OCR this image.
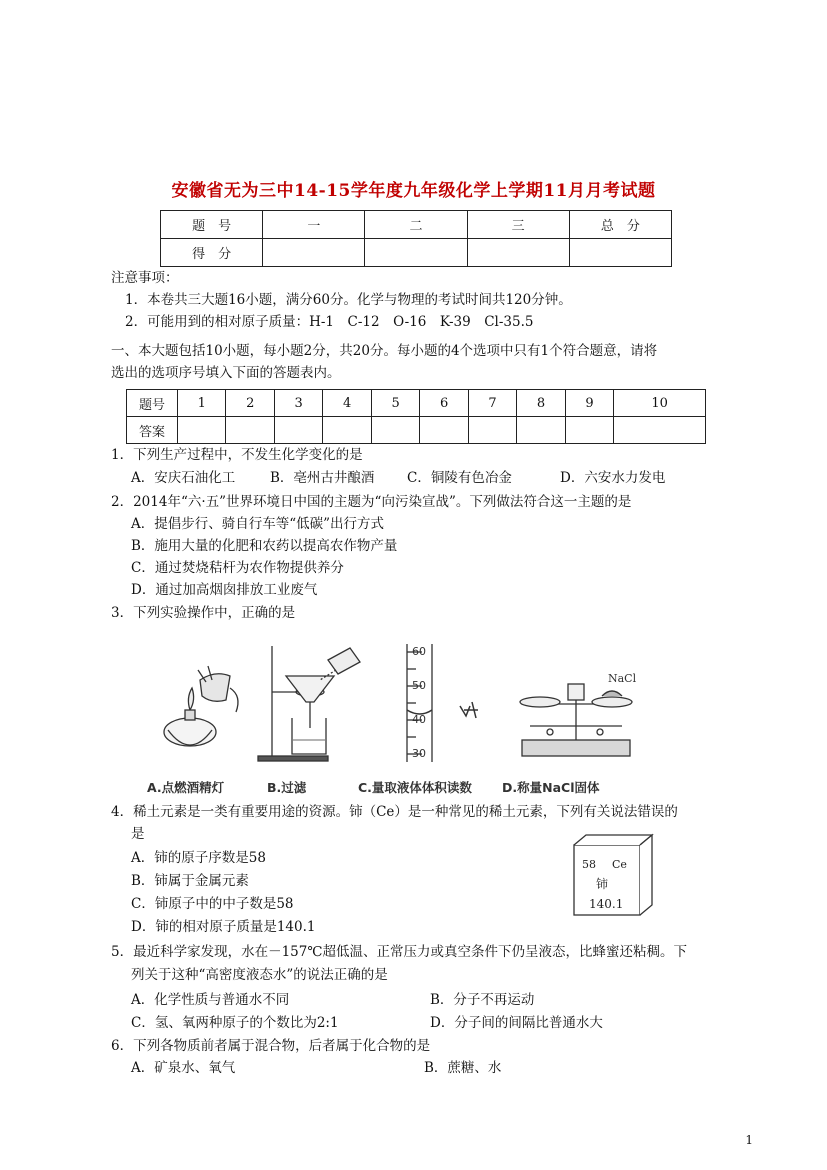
安徽省无为三中14-15学年度九年级化学上学期11月月考试题
题　号	一	二	三	总　分
得　分				
注意事项：
1．本卷共三大题16小题，满分60分。化学与物理的考试时间共120分钟。
2．可能用到的相对原子质量：H-1　C-12　O-16　K-39　Cl-35.5
一、本大题包括10小题，每小题2分，共20分。每小题的4个选项中只有1个符合题意，请将
选出的选项序号填入下面的答题表内。
题号	1	2	3	4	5	6	7	8	9	10
答案										
1．下列生产过程中，不发生化学变化的是
A．安庆石油化工	B．亳州古井酿酒 C．铜陵有色冶金	D．六安水力发电
2．2014年“六·五”世界环境日中国的主题为“向污染宣战”。下列做法符合这一主题的是
A．提倡步行、骑自行车等“低碳”出行方式
B．施用大量的化肥和农药以提高农作物产量
C．通过焚烧秸杆为农作物提供养分
D．通过加高烟囱排放工业废气
3．下列实验操作中，正确的是
60
50
40
30
NaCl
A.点燃酒精灯	B.过滤	C.量取液体体积读数 D.称量NaCl固体
4．稀土元素是一类有重要用途的资源。铈（Ce）是一种常见的稀土元素，下列有关说法错误的
是
A．铈的原子序数是58
B．铈属于金属元素
C．铈原子中的中子数是58
D．铈的相对原子质量是140.1
58 Ce
铈
140.1
5．最近科学家发现，水在－157℃超低温、正常压力或真空条件下仍呈液态，比蜂蜜还粘稠。下
列关于这种“高密度液态水”的说法正确的是
A．化学性质与普通水不同	B．分子不再运动
C．氢、氧两种原子的个数比为2:1	D．分子间的间隔比普通水大
6．下列各物质前者属于混合物，后者属于化合物的是
A．矿泉水、氧气	B．蔗糖、水
1
